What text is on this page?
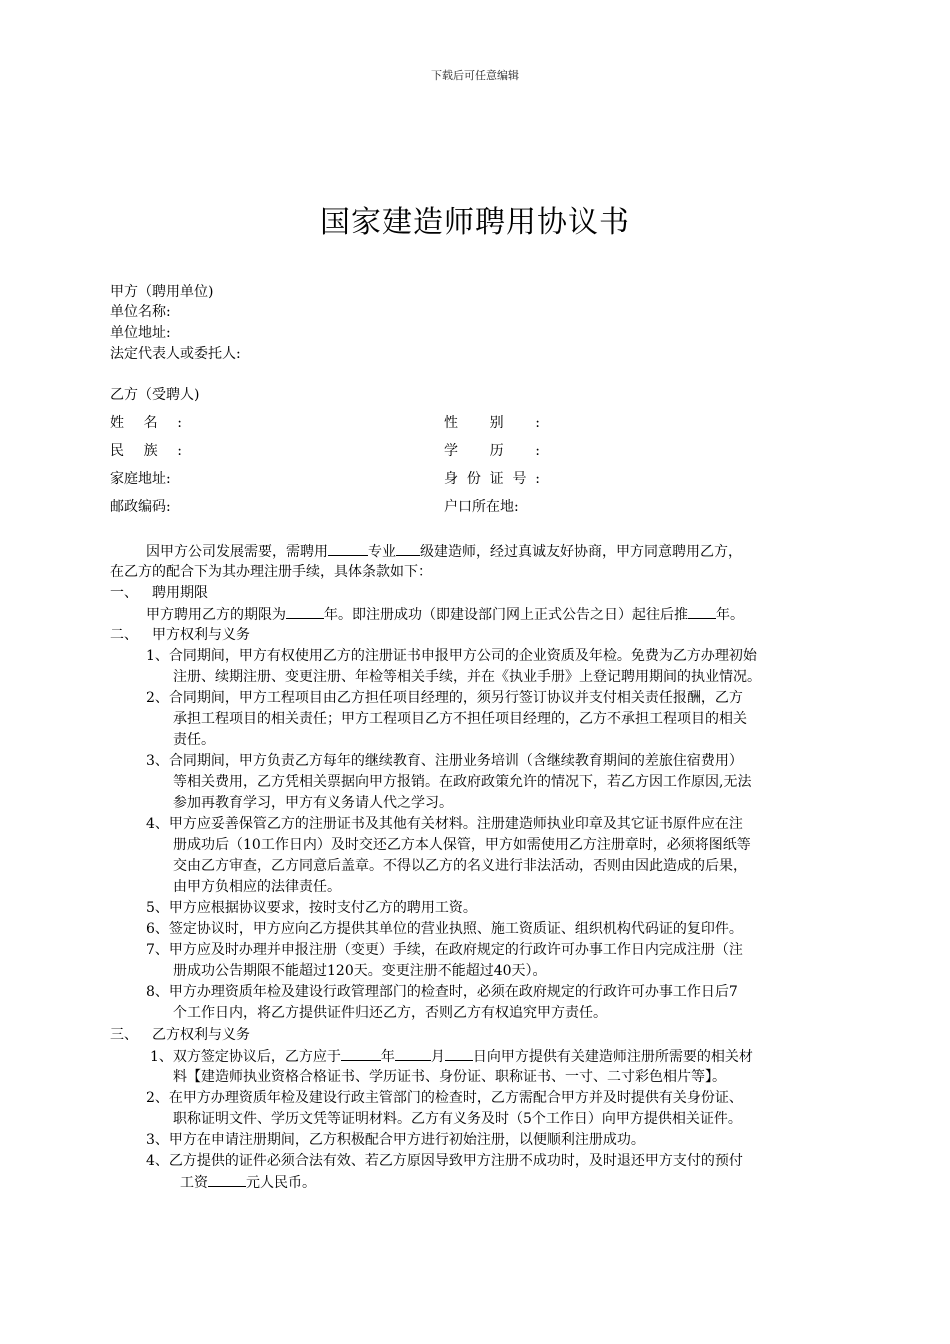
下载后可任意编辑
国家建造师聘用协议书
甲方（聘用单位)
单位名称:
单位地址:
法定代表人或委托人:
乙方（受聘人)
姓名:	性别:
民族:	学历:
家庭地址:	身份证号:
邮政编码:	户口所在地:
因甲方公司发展需要，需聘用	专业 级建造师，经过真诚友好协商，甲方同意聘用乙方，
在乙方的配合下为其办理注册手续，具体条款如下：
一、 聘用期限
甲方聘用乙方的期限为	年。即注册成功（即建设部门网上正式公告之日）起往后推 年。
二、 甲方权利与义务
1、合同期间，甲方有权使用乙方的注册证书申报甲方公司的企业资质及年检。免费为乙方办理初始
注册、续期注册、变更注册、年检等相关手续，并在《执业手册》上登记聘用期间的执业情况。
2、合同期间，甲方工程项目由乙方担任项目经理的，须另行签订协议并支付相关责任报酬，乙方
承担工程项目的相关责任；甲方工程项目乙方不担任项目经理的，乙方不承担工程项目的相关
责任。
3、合同期间，甲方负责乙方每年的继续教育、注册业务培训（含继续教育期间的差旅住宿费用）
等相关费用，乙方凭相关票据向甲方报销。在政府政策允许的情况下，若乙方因工作原因,无法
参加再教育学习，甲方有义务请人代之学习。
4、甲方应妥善保管乙方的注册证书及其他有关材料。注册建造师执业印章及其它证书原件应在注
册成功后（10工作日内）及时交还乙方本人保管，甲方如需使用乙方注册章时，必须将图纸等
交由乙方审查，乙方同意后盖章。不得以乙方的名义进行非法活动，否则由因此造成的后果，
由甲方负相应的法律责任。
5、甲方应根据协议要求，按时支付乙方的聘用工资。
6、签定协议时，甲方应向乙方提供其单位的营业执照、施工资质证、组织机构代码证的复印件。
7、甲方应及时办理并申报注册（变更）手续，在政府规定的行政许可办事工作日内完成注册（注
册成功公告期限不能超过120天。变更注册不能超过40天）。
8、甲方办理资质年检及建设行政管理部门的检查时，必须在政府规定的行政许可办事工作日后7
个工作日内，将乙方提供证件归还乙方，否则乙方有权追究甲方责任。
三、 乙方权利与义务
1、双方签定协议后，乙方应于	年	月 日向甲方提供有关建造师注册所需要的相关材
料【建造师执业资格合格证书、学历证书、身份证、职称证书、一寸、二寸彩色相片等】。
2、在甲方办理资质年检及建设行政主管部门的检查时，乙方需配合甲方并及时提供有关身份证、
职称证明文件、学历文凭等证明材料。乙方有义务及时（5个工作日）向甲方提供相关证件。
3、甲方在申请注册期间，乙方积极配合甲方进行初始注册，以便顺利注册成功。
4、乙方提供的证件必须合法有效、若乙方原因导致甲方注册不成功时，及时退还甲方支付的预付
工资	元人民币。
